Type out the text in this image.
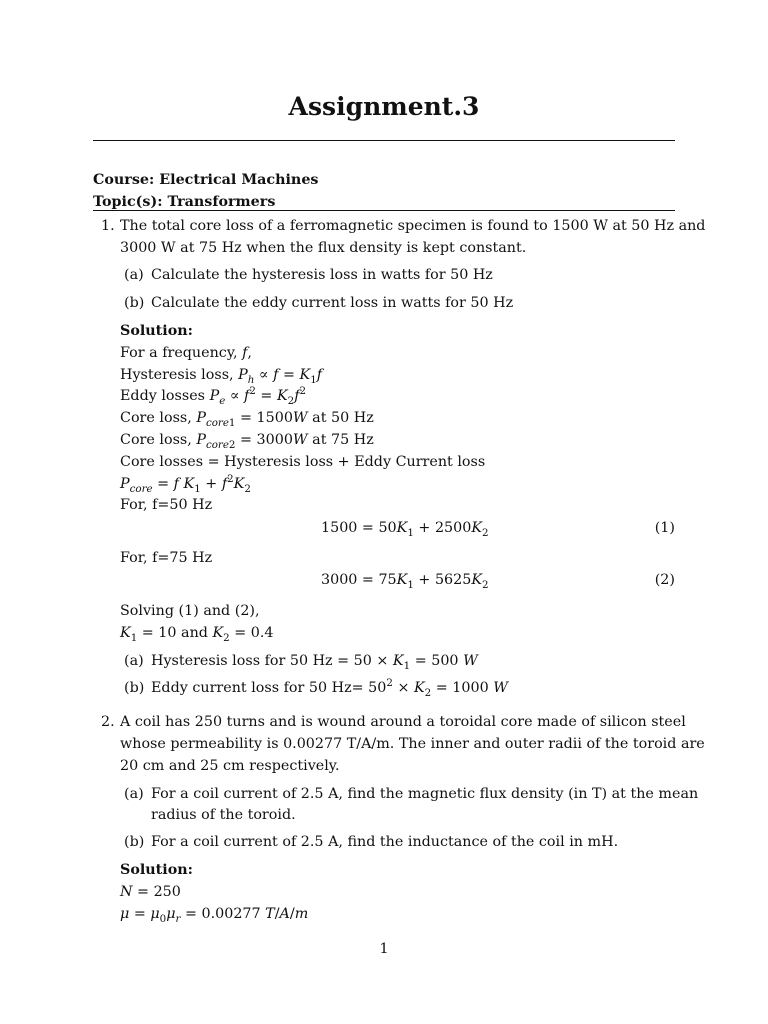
Assignment.3
Course: Electrical Machines
Topic(s): Transformers
1. The total core loss of a ferromagnetic specimen is found to 1500 W at 50 Hz and
3000 W at 75 Hz when the flux density is kept constant.
(a) Calculate the hysteresis loss in watts for 50 Hz
(b) Calculate the eddy current loss in watts for 50 Hz
Solution:
For a frequency, f,
Hysteresis loss, $P_h \propto f = K_1f$
Eddy losses $P_e \propto f^2 = K_2f^2$
Core loss, $P_{core1} = 1500W$ at 50 Hz
Core loss, $P_{core2} = 3000W$ at 75 Hz
Core losses = Hysteresis loss + Eddy Current loss
$P_{core} = f$ $K_1 + f^2K_2$
For, f=50 Hz
$1500 = 50K_1 + 2500K_2$	(1)
For, f=75 Hz
$3000 = 75K_1 + 5625K_2$	(2)
Solving (1) and (2),
$K_1 = 10$ and $K_2 = 0.4$
(a) Hysteresis loss for 50 $Hz = 50 \times K_1 = 500$ W
(b) Eddy current loss for 50 $Hz= 50^2 \times K_2 = 1000$ W
2. A coil has 250 turns and is wound around a toroidal core made of silicon steel
whose permeability is 0.00277 T/A/m. The inner and outer radii of the toroid are
20 cm and 25 cm respectively.
(a) For a coil current of 2.5 A, find the magnetic flux density (in T) at the mean
radius of the toroid.
(b) For a coil current of 2.5 A, find the inductance of the coil in mH.
Solution:
N = 250
$\mu = \mu_0\mu_r = 0.00277$ T/A/m
1
